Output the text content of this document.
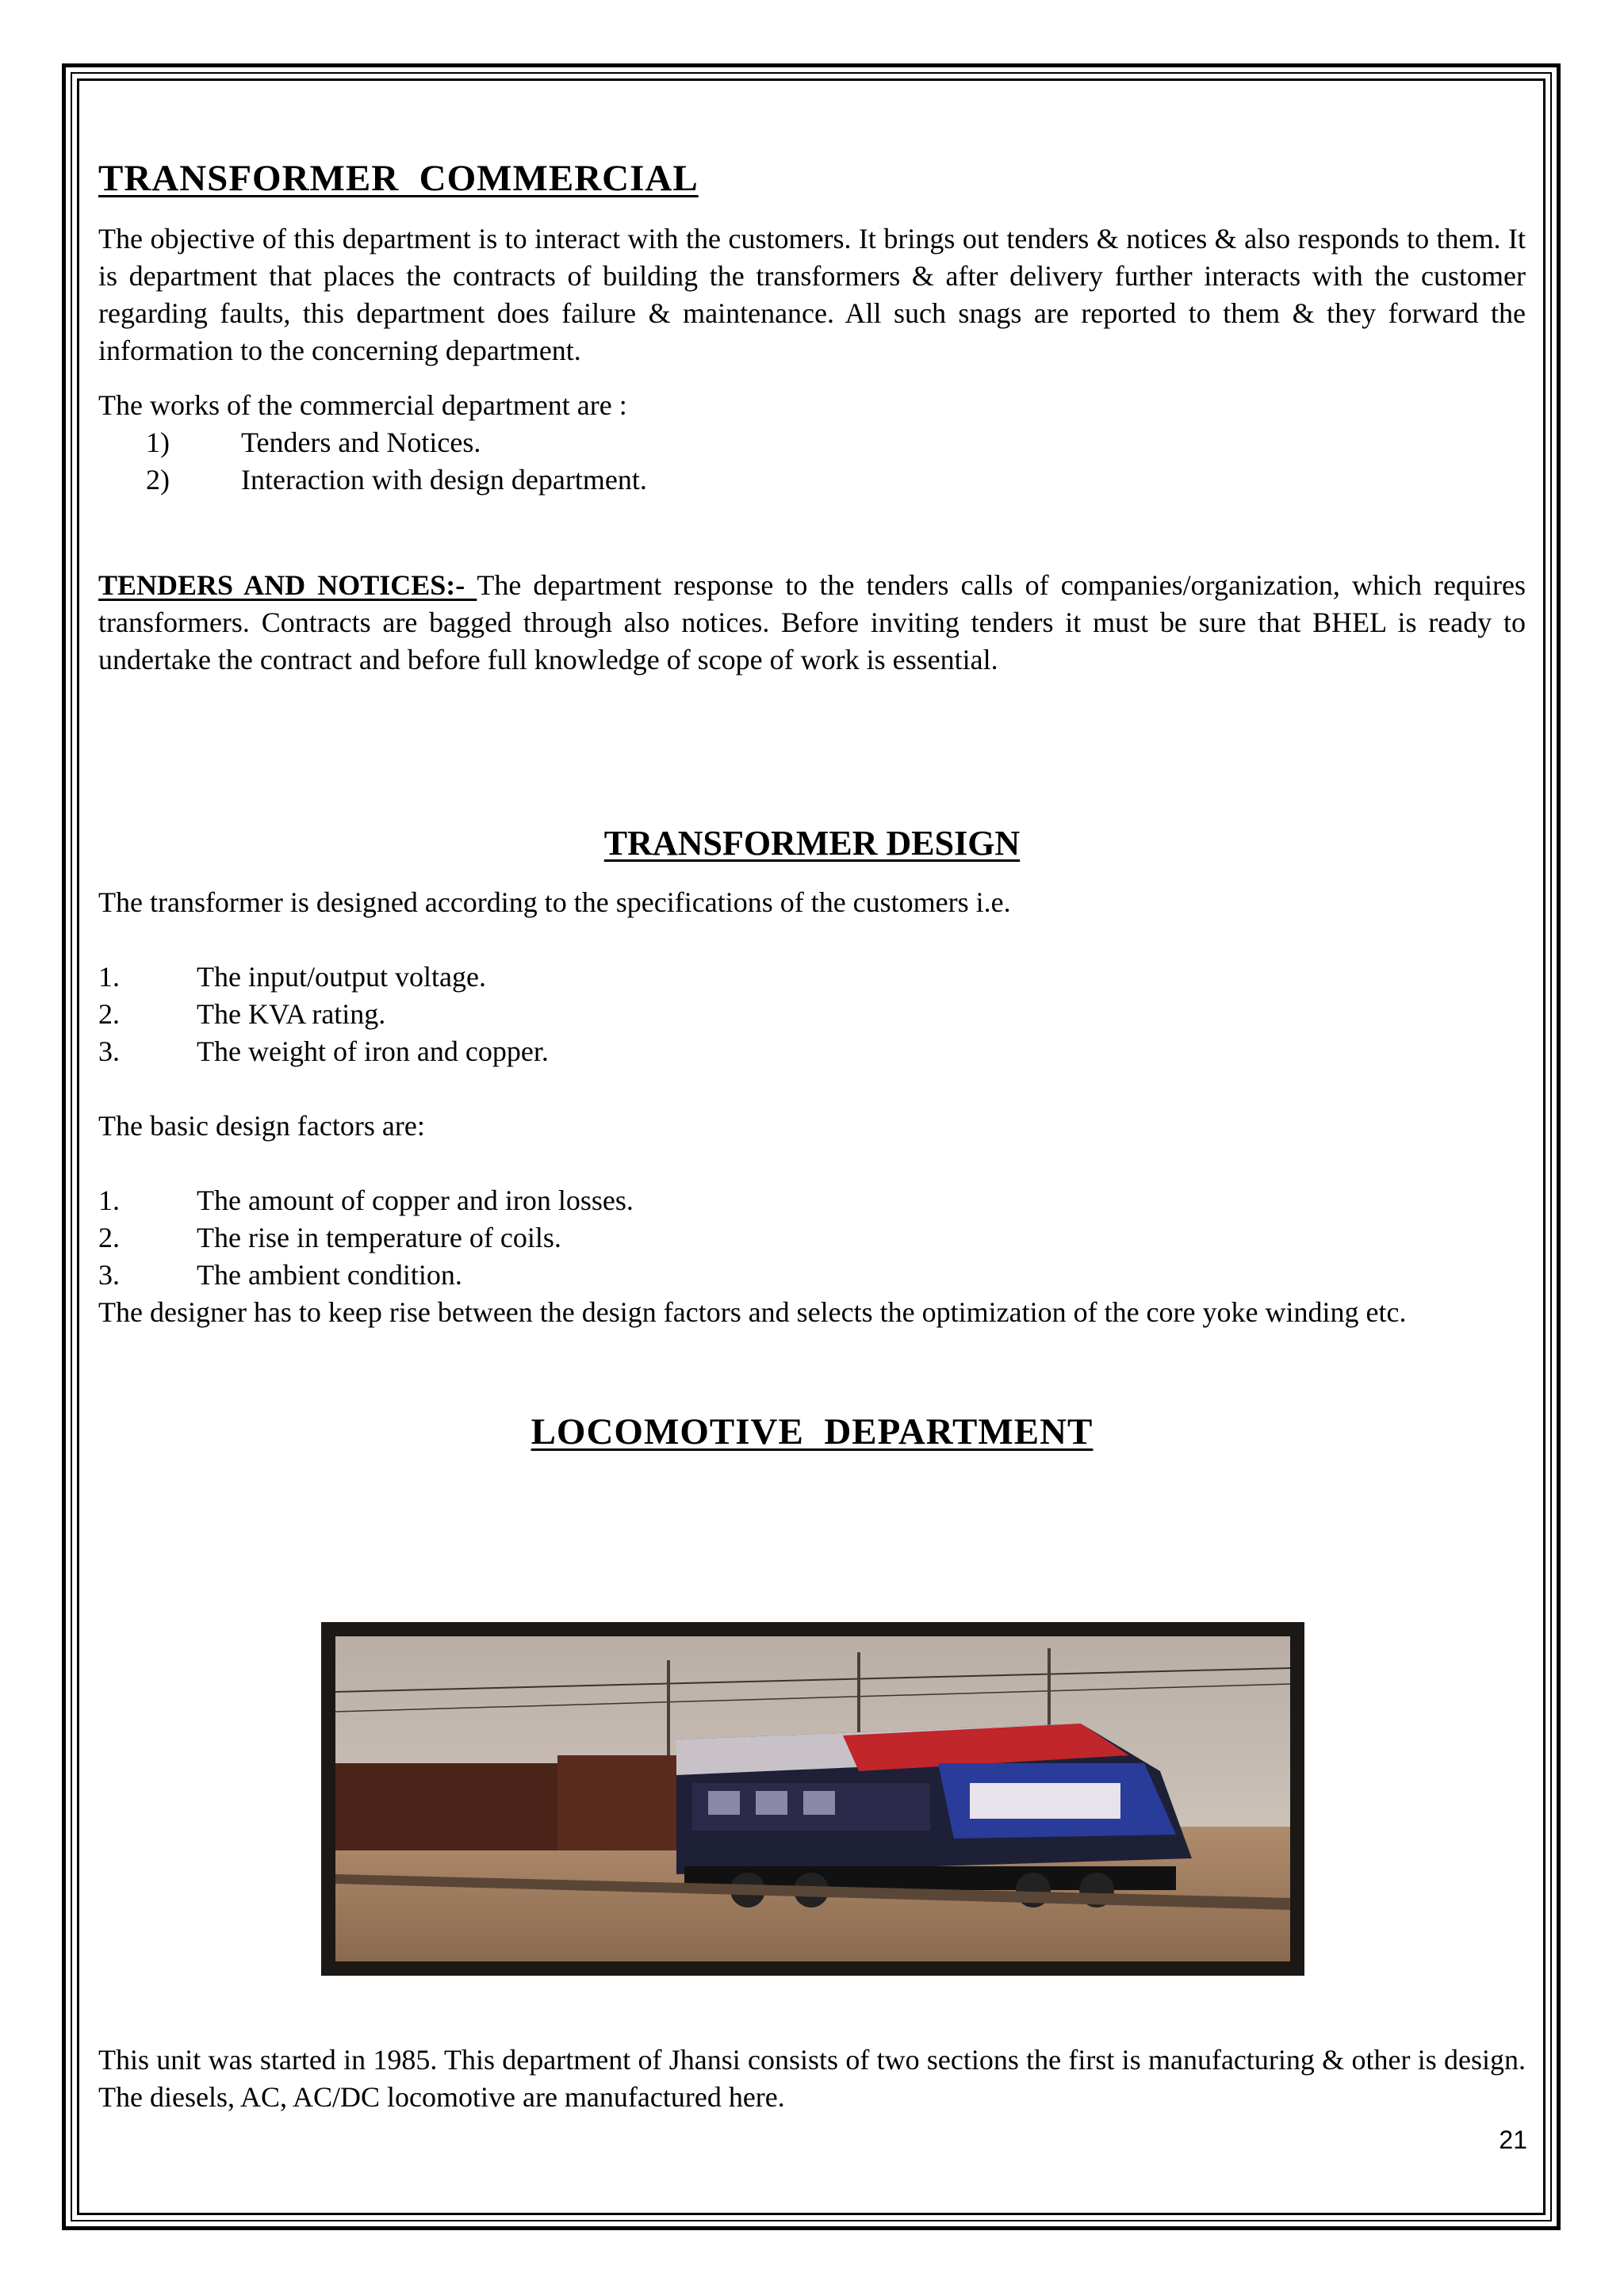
TRANSFORMER  COMMERCIAL

The objective of this department is to interact with the customers. It brings out tenders & notices & also responds to them. It is department that places the contracts of building the transformers & after delivery further interacts with the customer regarding faults, this department does failure & maintenance. All such snags are reported to them & they forward the information to the concerning department.

The works of the commercial department are :

1)	Tenders and Notices.
2)	Interaction with design department.

TENDERS AND NOTICES:- The department response to the tenders calls of companies/organization, which requires transformers. Contracts are bagged through also notices. Before inviting tenders it must be sure that BHEL is ready to undertake the contract and before full knowledge of scope of work is essential.

TRANSFORMER DESIGN

The transformer is designed according to the specifications of the customers i.e.

1.	The input/output voltage.
2.	The KVA rating.
3.	The weight of iron and copper.

The basic design factors are:

1.	The amount of copper and iron losses.
2.	The rise in temperature of coils.
3.	The ambient condition.

The designer has to keep rise between the design factors and selects the optimization of the core yoke winding etc.

LOCOMOTIVE  DEPARTMENT

This unit was started in 1985. This department of Jhansi consists of two sections the first is manufacturing & other is design. The diesels, AC, AC/DC locomotive are manufactured here.

21
